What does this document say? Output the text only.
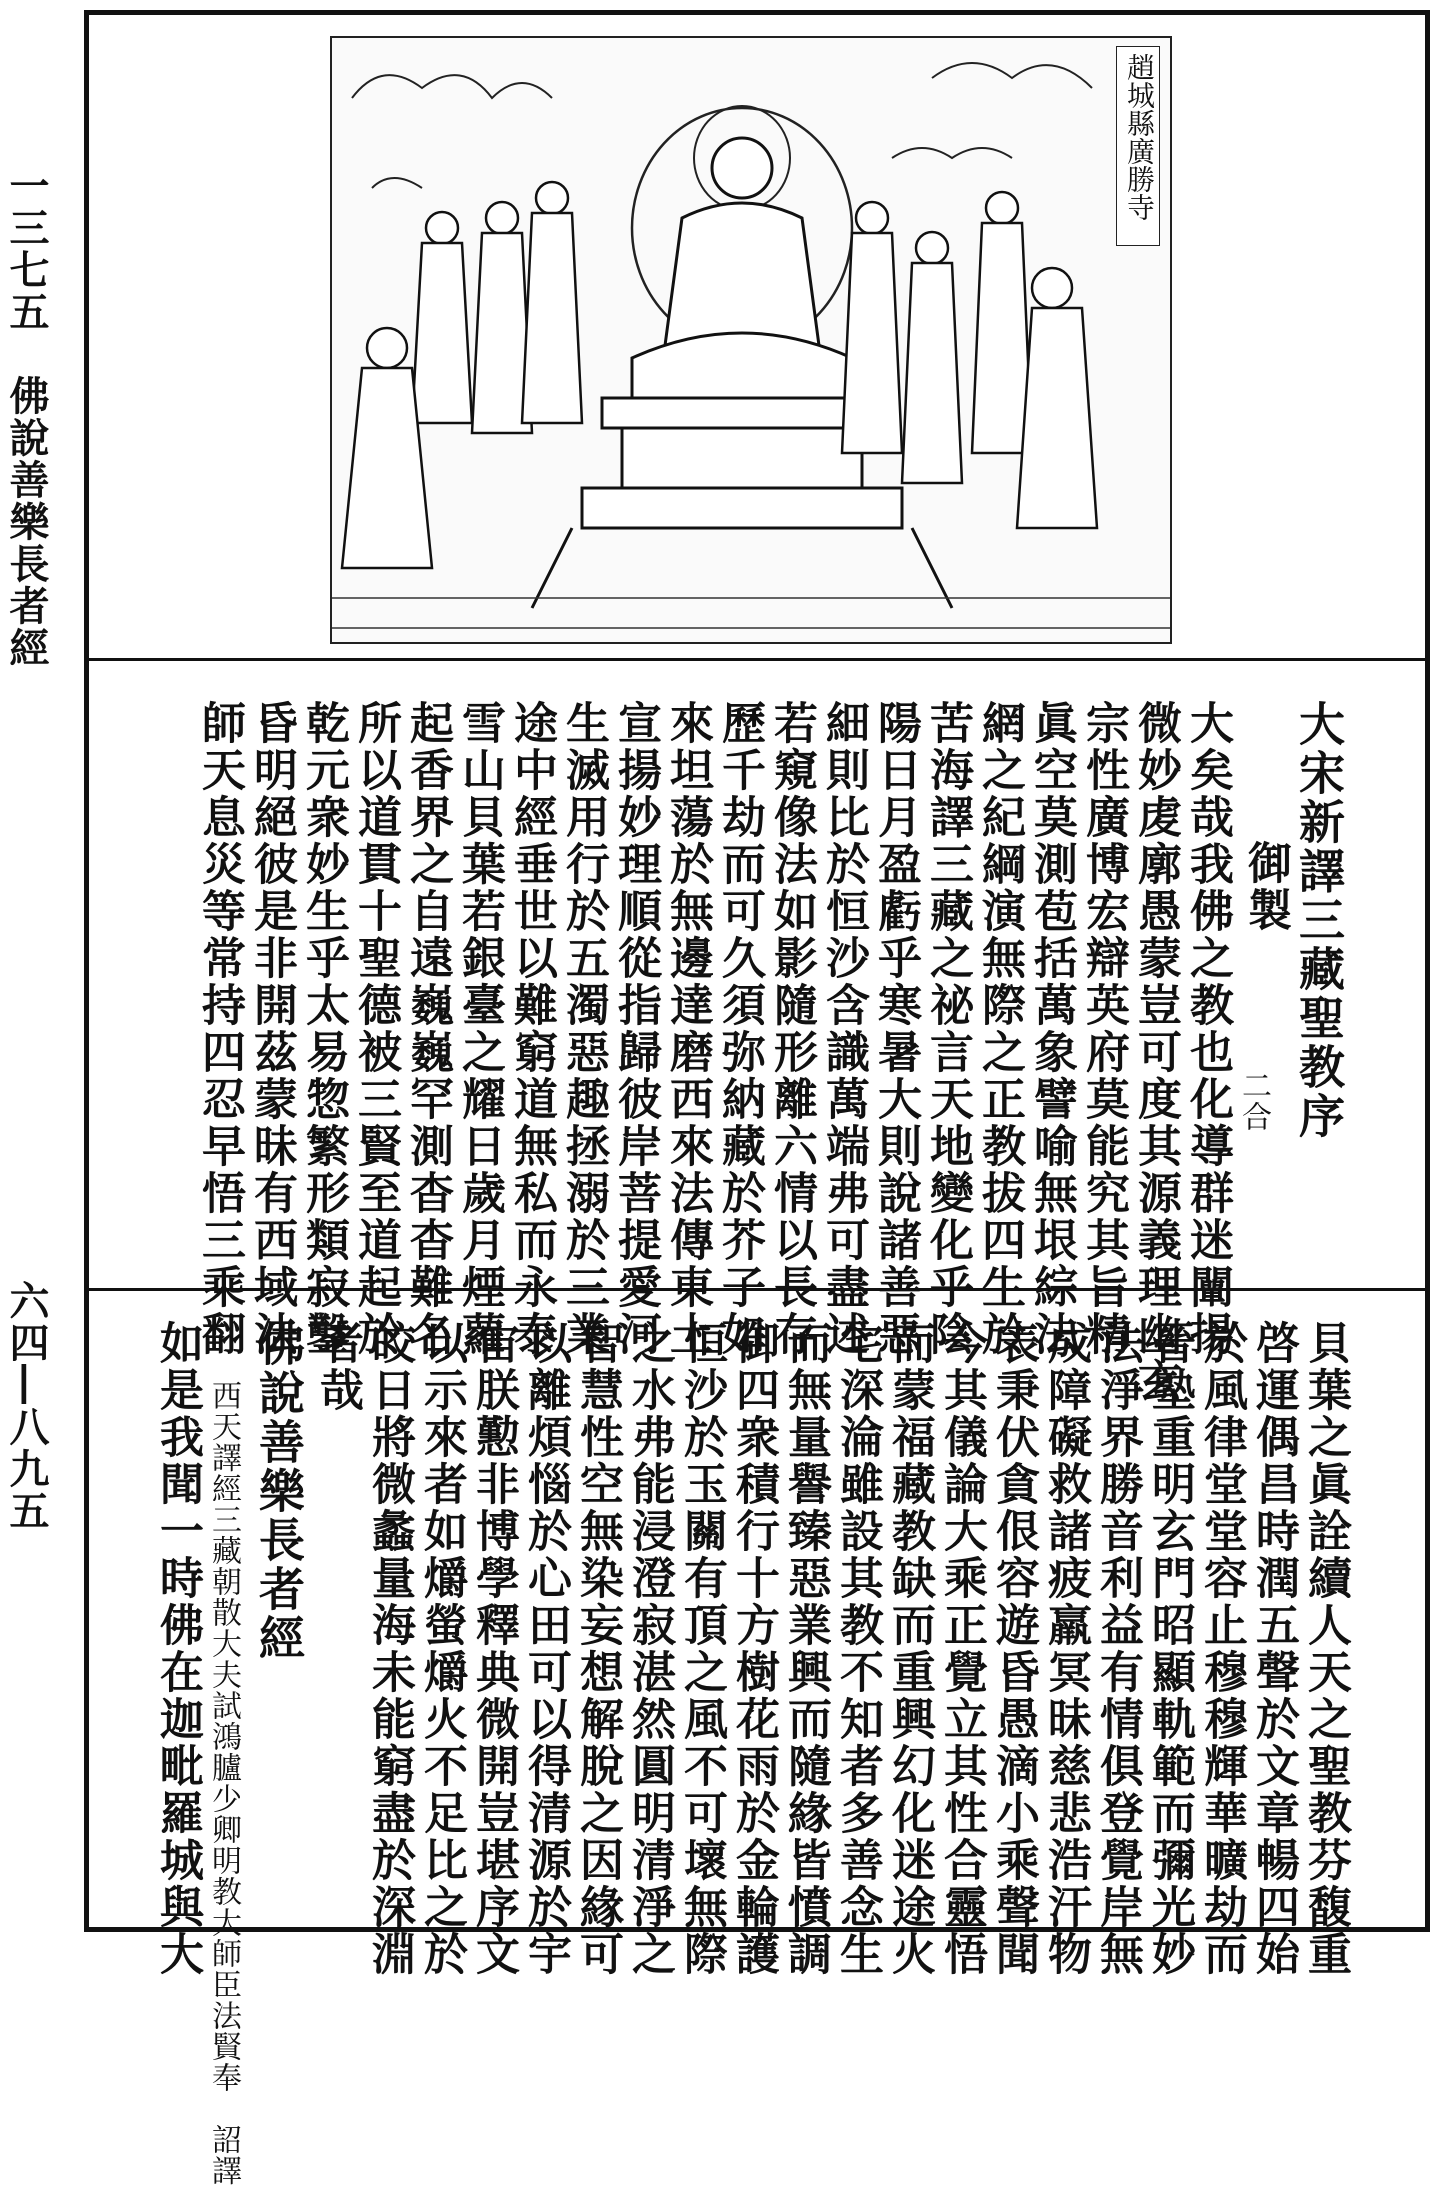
一三七五　佛說善樂長者經
六四―八九五
趙城縣廣勝寺
大宋新譯三藏聖教序
御製
二合
大矣哉我佛之教也化導群迷闡揚
微妙䖍廓愚蒙豈可度其源義理幽玄
宗性廣博宏辯英府莫能究其旨精
眞空莫測苞括萬象譬喻無垠綜法
網之紀綱演無際之正教拔四生於
苦海譯三藏之祕言天地變化乎陰
陽日月盈虧乎寒暑大則說諸善惡
細則比於恒沙含識萬端弗可盡述
若窺像法如影隨形離六情以長存
歷千劫而可久須弥納藏於芥子如
來坦蕩於無邊達磨西來法傳東土
宣揚妙理順從指歸彼岸菩提愛河
生滅用行於五濁惡趣拯溺於三業
途中經垂世以難窮道無私而永泰
雪山貝葉若銀臺之耀日歲月煙蘿
起香界之自遠巍巍罕測杳杳難名
所以道貫十聖德被三賢至道起於
乾元衆妙生乎太易惣繁形類寂鑿
昏明絕彼是非開茲蒙昧有西域法
師天息災等常持四忍早悟三乘翻
貝葉之眞詮續人天之聖教芬馥重
啓運偶昌時潤五聲於文章暢四始
於風律堂堂容止穆穆輝華曠劫而
晉塾重明玄門昭顯軌範而彌光妙
法淨界勝音利益有情俱登覺岸無
成障礙救諸疲羸冥昧慈悲浩汗物
表秉伏貪佷容遊昏愚滴小乘聲聞
今其儀論大乘正覺立其性合靈悟
而蒙福藏教缺而重興幻化迷途火
宅深淪雖設其教不知者多善念生
而無量譽臻惡業興而隨緣皆憤調
御四衆積行十方樹花雨於金輪護
恒沙於玉關有頂之風不可壞無際
之水弗能浸澄寂湛然圓明清淨之
智慧性空無染妄想解脫之因緣可
以離煩惱於心田可以得清源於宇
宙朕懃非博學釋典微開豈堪序文
以示來者如爝螢爝火不足比之於
皎日將微蠡量海未能窮盡於深淵
者哉
佛說善樂長者經
西天譯經三藏朝散大夫試鴻臚少卿明教大師臣法賢奉　詔譯
如是我聞一時佛在迦毗羅城與大
